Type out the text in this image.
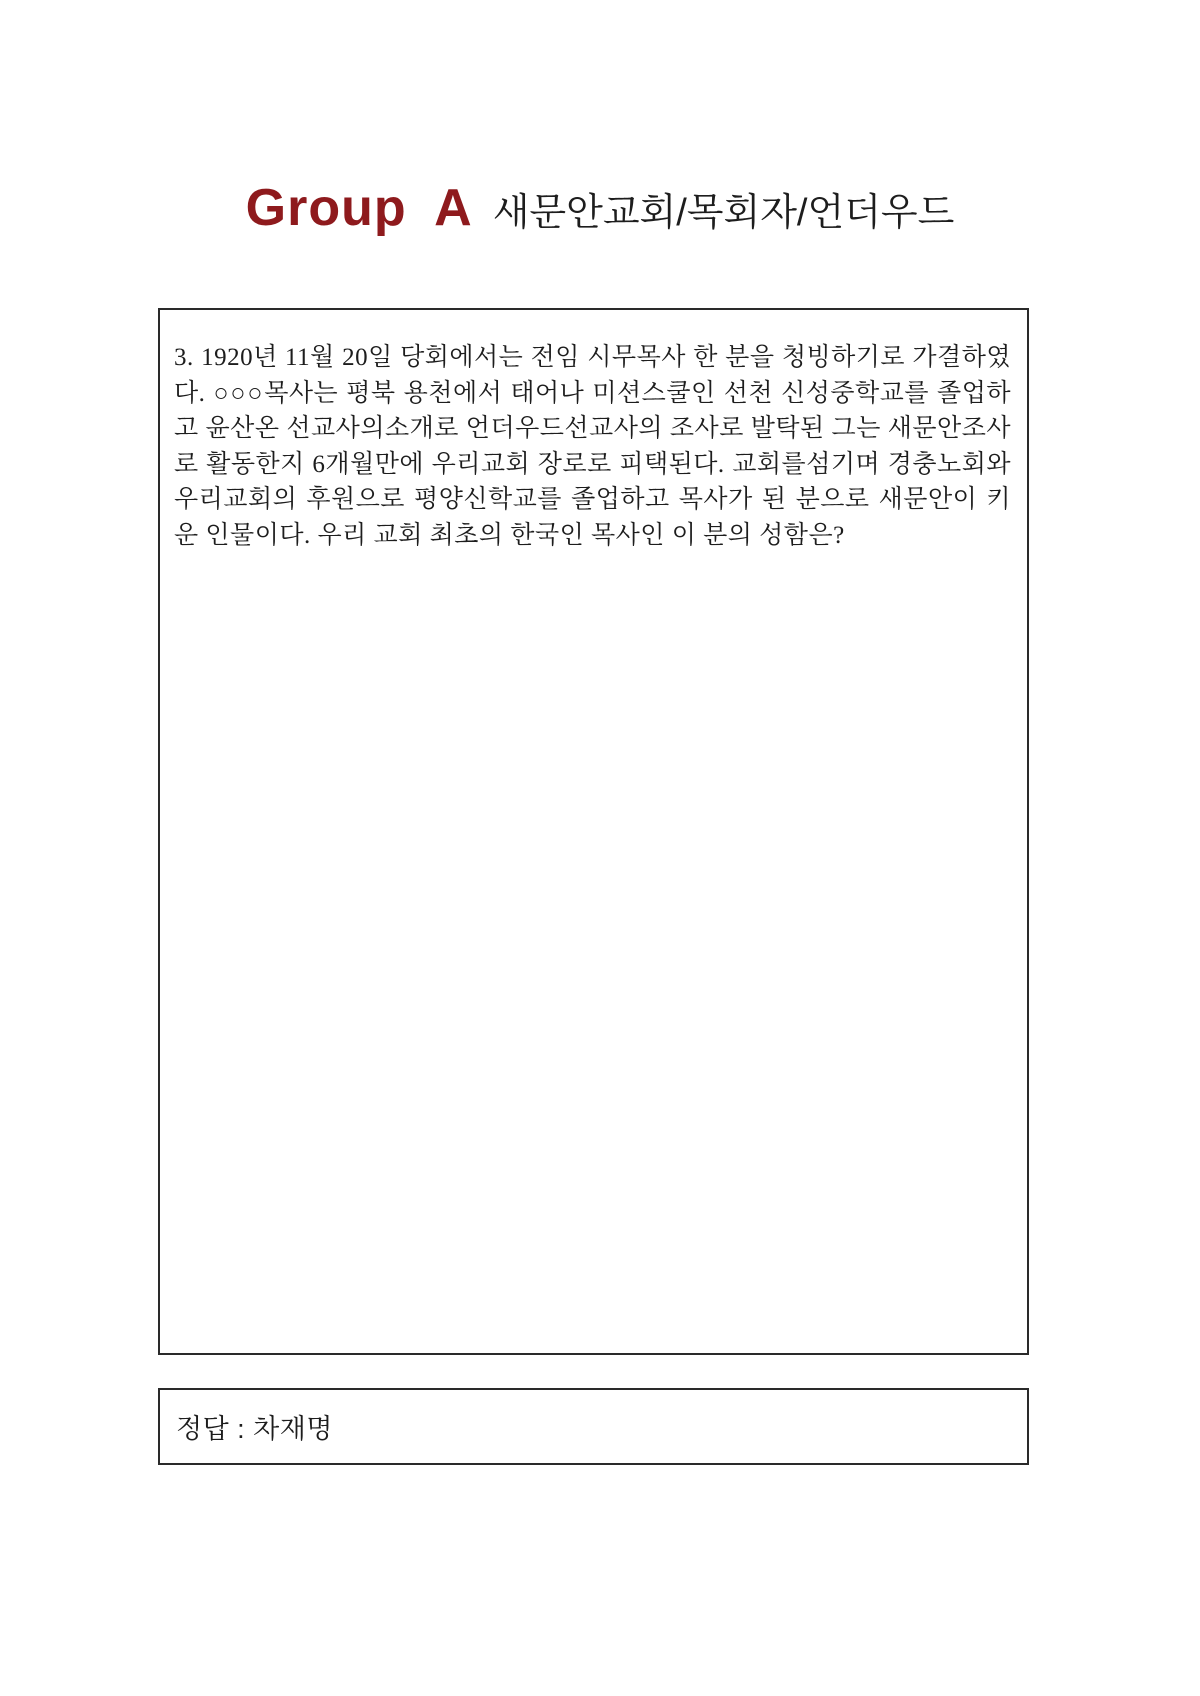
Group A 새문안교회/목회자/언더우드

3. 1920년 11월 20일 당회에서는 전임 시무목사 한 분을 청빙하기로 가결하였다. ○○○목사는 평북 용천에서 태어나 미션스쿨인 선천 신성중학교를 졸업하고 윤산온 선교사의소개로 언더우드선교사의 조사로 발탁된 그는 새문안조사로 활동한지 6개월만에 우리교회 장로로 피택된다. 교회를섬기며 경충노회와 우리교회의 후원으로 평양신학교를 졸업하고 목사가 된 분으로 새문안이 키운 인물이다. 우리 교회 최초의 한국인 목사인 이 분의 성함은?

정답 : 차재명
